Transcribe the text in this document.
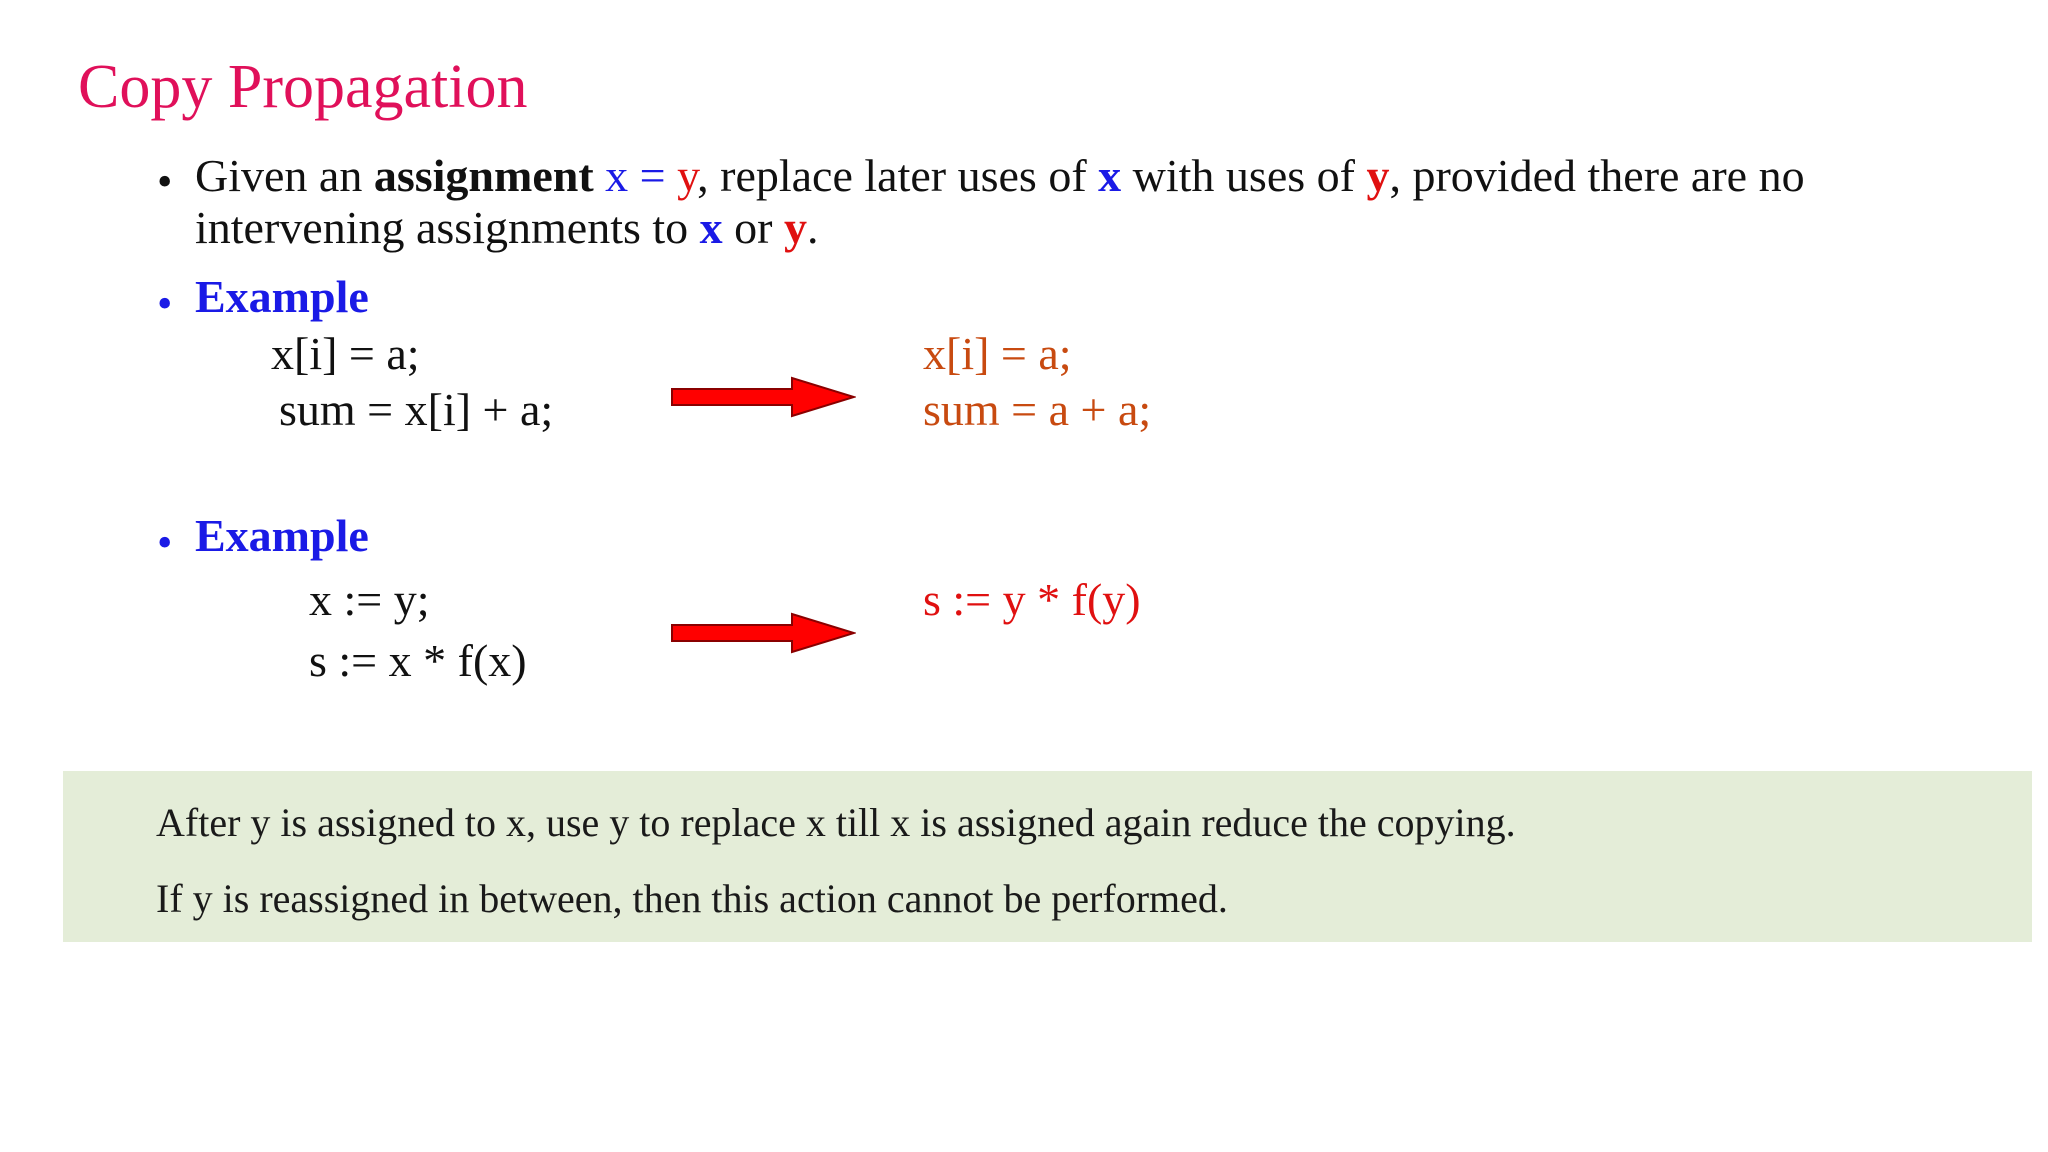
Copy Propagation
• Given an assignment x = y, replace later uses of x with uses of y, provided there are no intervening assignments to x or y.
• Example
x[i] = a;
sum = x[i] + a;
x[i] = a;
sum = a + a;
• Example
x := y;
s := x * f(x)
s := y * f(y)
After y is assigned to x, use y to replace x till x is assigned again reduce the copying.
If y is reassigned in between, then this action cannot be performed.
